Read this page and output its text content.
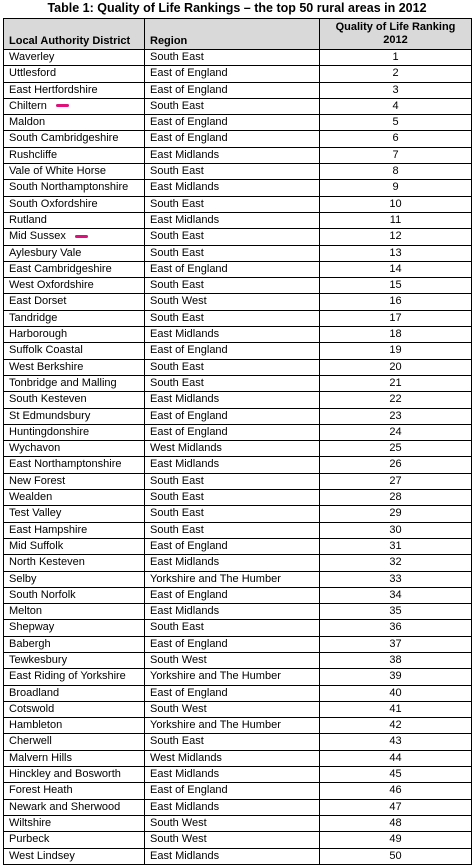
Table 1: Quality of Life Rankings – the top 50 rural areas in 2012
Local Authority District	Region	Quality of Life Ranking
2012
Waverley	South East	1
Uttlesford	East of England	2
East Hertfordshire	East of England	3
Chiltern	South East	4
Maldon	East of England	5
South Cambridgeshire	East of England	6
Rushcliffe	East Midlands	7
Vale of White Horse	South East	8
South Northamptonshire	East Midlands	9
South Oxfordshire	South East	10
Rutland	East Midlands	11
Mid Sussex	South East	12
Aylesbury Vale	South East	13
East Cambridgeshire	East of England	14
West Oxfordshire	South East	15
East Dorset	South West	16
Tandridge	South East	17
Harborough	East Midlands	18
Suffolk Coastal	East of England	19
West Berkshire	South East	20
Tonbridge and Malling	South East	21
South Kesteven	East Midlands	22
St Edmundsbury	East of England	23
Huntingdonshire	East of England	24
Wychavon	West Midlands	25
East Northamptonshire	East Midlands	26
New Forest	South East	27
Wealden	South East	28
Test Valley	South East	29
East Hampshire	South East	30
Mid Suffolk	East of England	31
North Kesteven	East Midlands	32
Selby	Yorkshire and The Humber	33
South Norfolk	East of England	34
Melton	East Midlands	35
Shepway	South East	36
Babergh	East of England	37
Tewkesbury	South West	38
East Riding of Yorkshire	Yorkshire and The Humber	39
Broadland	East of England	40
Cotswold	South West	41
Hambleton	Yorkshire and The Humber	42
Cherwell	South East	43
Malvern Hills	West Midlands	44
Hinckley and Bosworth	East Midlands	45
Forest Heath	East of England	46
Newark and Sherwood	East Midlands	47
Wiltshire	South West	48
Purbeck	South West	49
West Lindsey	East Midlands	50
